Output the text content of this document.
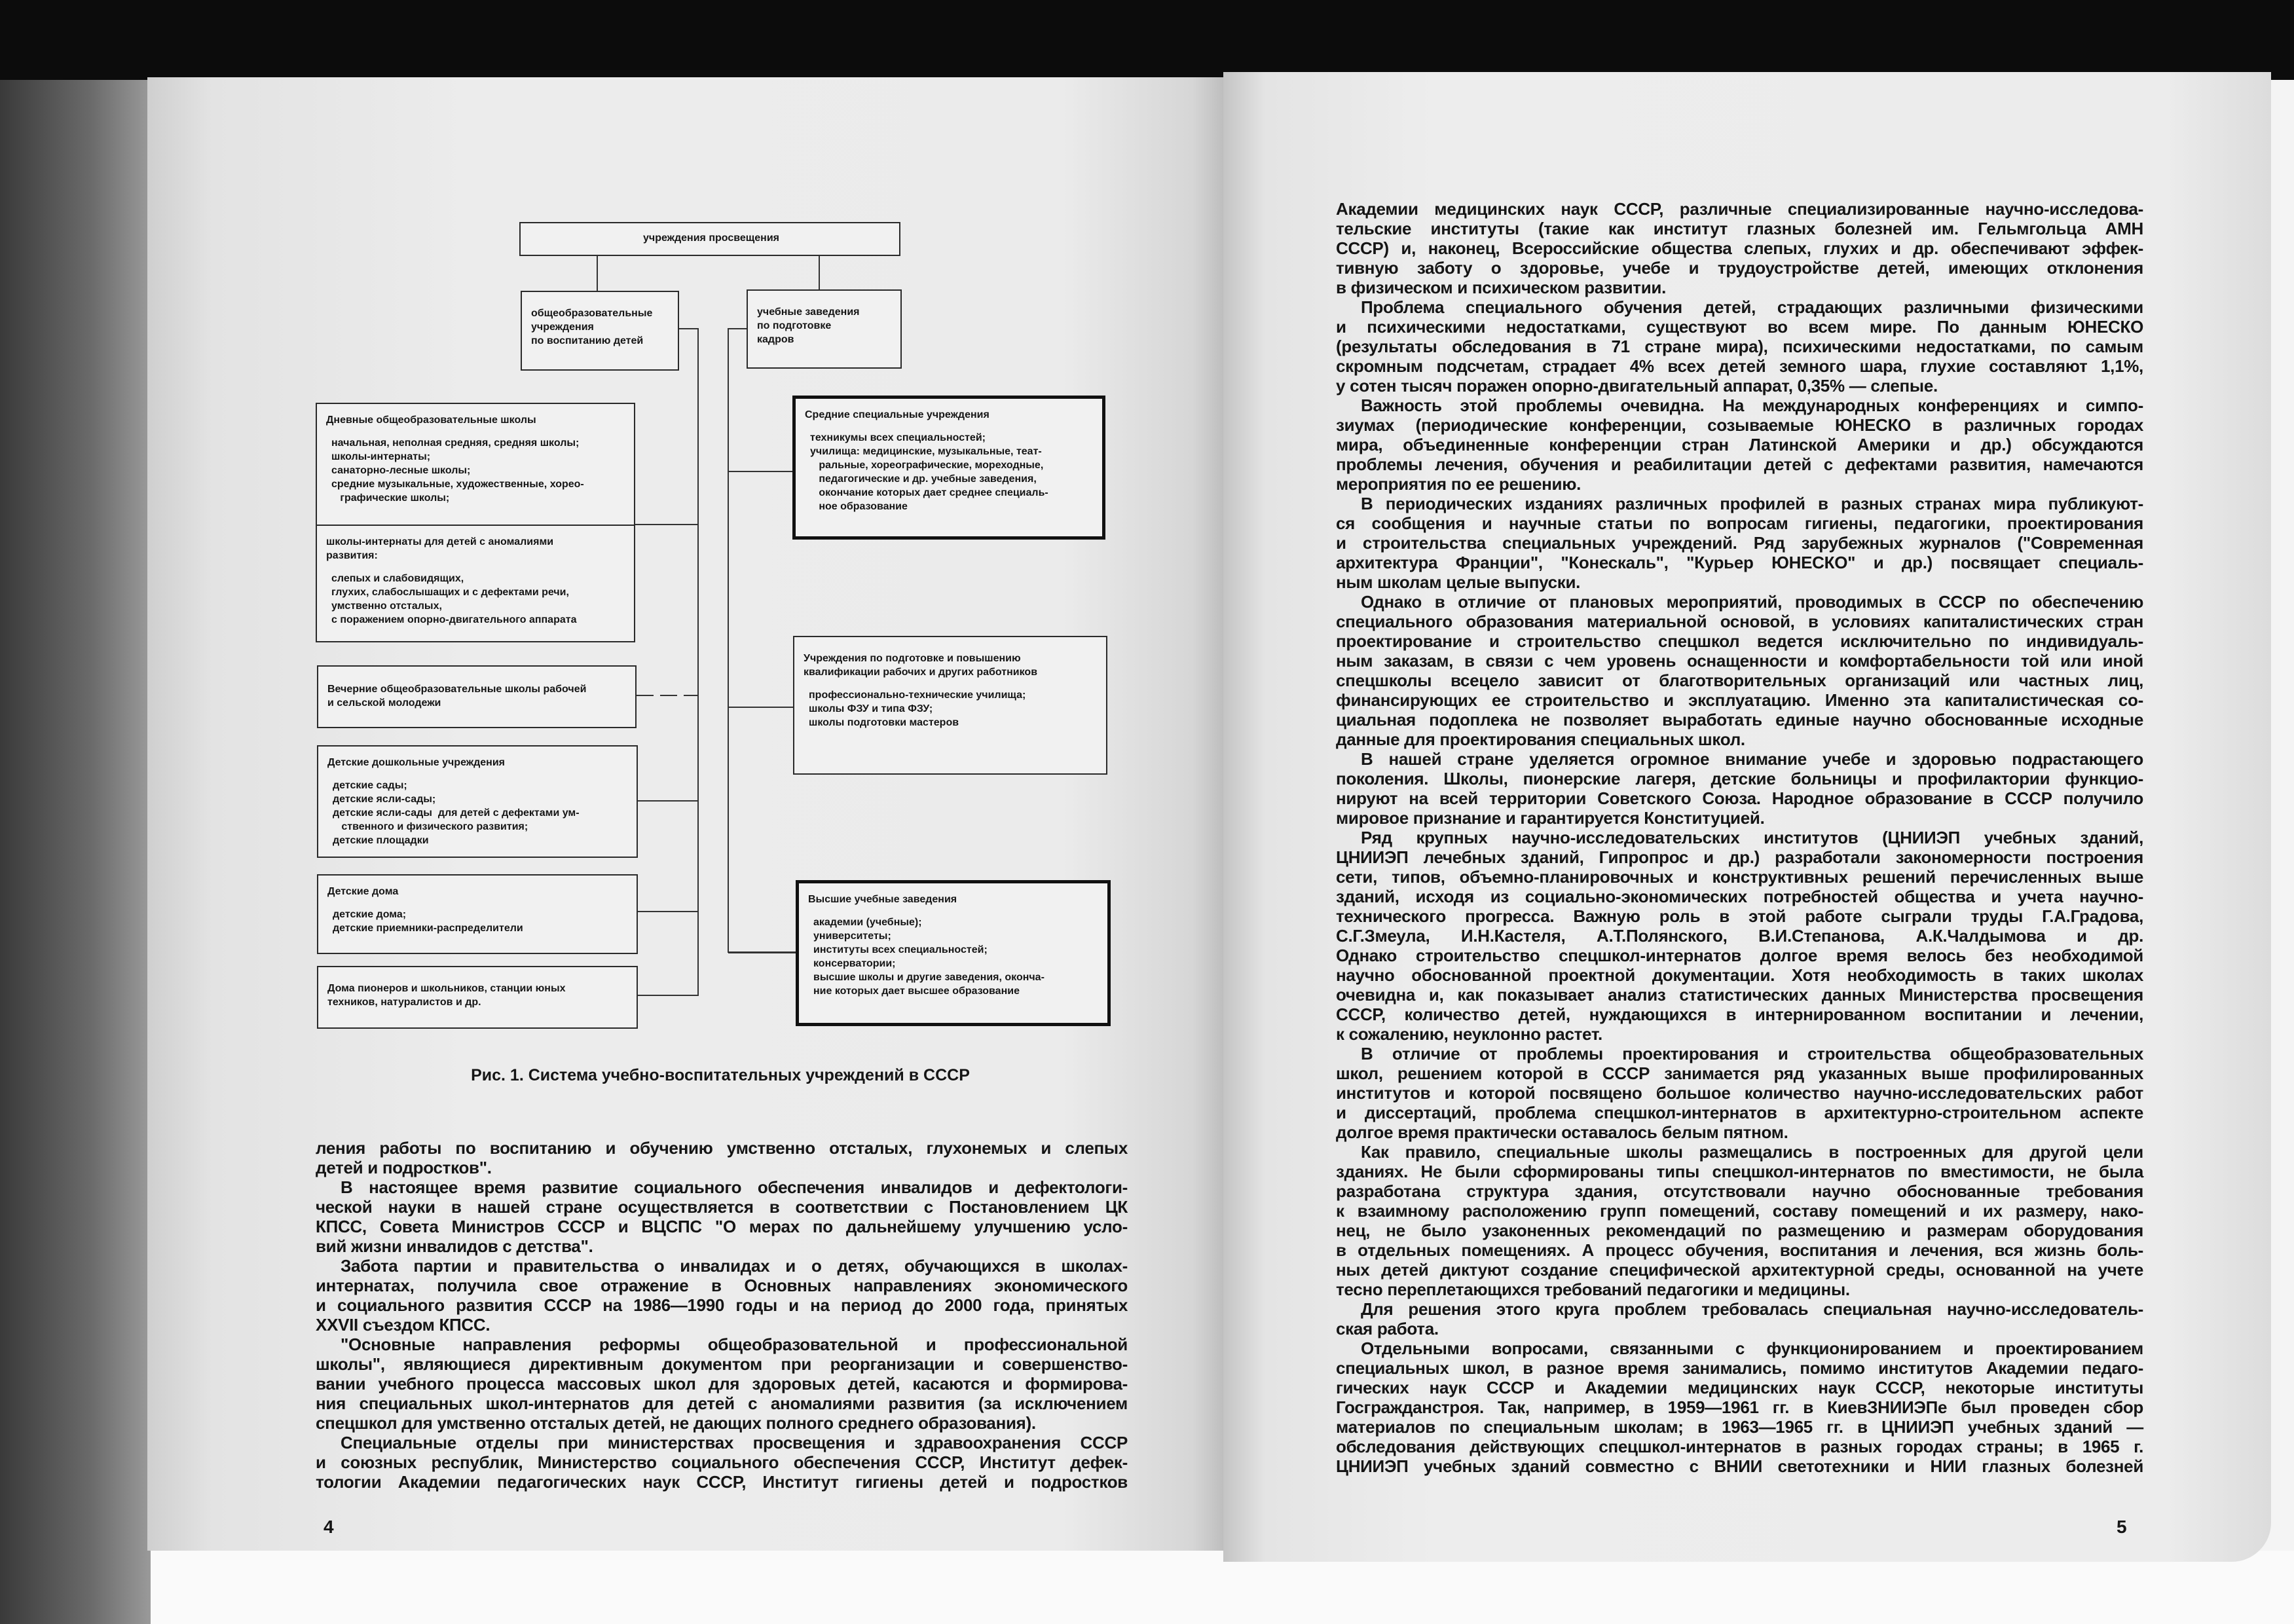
учреждения просвещения
общеобразовательные
учреждения
по воспитанию детей
учебные заведения
по подготовке
кадров
Дневные общеобразовательные школы
начальная, неполная средняя, средняя школы;
школы-интернаты;
санаторно-лесные школы;
средние музыкальные, художественные, хорео-
графические школы;
школы-интернаты для детей с аномалиями
развития:
слепых и слабовидящих,
глухих, слабослышащих и с дефектами речи,
умственно отсталых,
с поражением опорно-двигательного аппарата
Вечерние общеобразовательные школы рабочей
и сельской молодежи
Детские дошкольные учреждения
детские сады;
детские ясли-сады;
детские ясли-сады  для детей с дефектами ум-
ственного и физического развития;
детские площадки
Детские дома
детские дома;
детские приемники-распределители
Дома пионеров и школьников, станции юных
техников, натуралистов и др.
Средние специальные учреждения
техникумы всех специальностей;
училища: медицинские, музыкальные, теат-
ральные, хореографические, мореходные,
педагогические и др. учебные заведения,
окончание которых дает среднее специаль-
ное образование
Учреждения по подготовке и повышению
квалификации рабочих и других работников
профессионально-технические училища;
школы ФЗУ и типа ФЗУ;
школы подготовки мастеров
Высшие учебные заведения
академии (учебные);
университеты;
институты всех специальностей;
консерватории;
высшие школы и другие заведения, оконча-
ние которых дает высшее образование
Рис. 1. Система учебно-воспитательных учреждений в СССР
ления работы по воспитанию и обучению умственно отсталых, глухонемых и слепых
детей и подростков".
В настоящее время развитие социального обеспечения инвалидов и дефектологи-
ческой науки в нашей стране осуществляется в соответствии с Постановлением ЦК
КПСС, Совета Министров СССР и ВЦСПС "О мерах по дальнейшему улучшению усло-
вий жизни инвалидов с детства".
Забота партии и правительства о инвалидах и о детях, обучающихся в школах-
интернатах, получила свое отражение в Основных направлениях экономического
и социального развития СССР на 1986—1990 годы и на период до 2000 года, принятых
XXVII съездом КПСС.
"Основные направления реформы общеобразовательной и профессиональной
школы", являющиеся директивным документом при реорганизации и совершенство-
вании учебного процесса массовых школ для здоровых детей, касаются и формирова-
ния специальных школ-интернатов для детей с аномалиями развития (за исключением
спецшкол для умственно отсталых детей, не дающих полного среднего образования).
Специальные отделы при министерствах просвещения и здравоохранения СССР
и союзных республик, Министерство социального обеспечения СССР, Институт дефек-
тологии Академии педагогических наук СССР, Институт гигиены детей и подростков
Академии медицинских наук СССР, различные специализированные научно-исследова-
тельские институты (такие как институт глазных болезней им. Гельмгольца АМН
СССР) и, наконец, Всероссийские общества слепых, глухих и др. обеспечивают эффек-
тивную заботу о здоровье, учебе и трудоустройстве детей, имеющих отклонения
в физическом и психическом развитии.
Проблема специального обучения детей, страдающих различными физическими
и психическими недостатками, существуют во всем мире. По данным ЮНЕСКО
(результаты обследования в 71 стране мира), психическими недостатками, по самым
скромным подсчетам, страдает 4% всех детей земного шара, глухие составляют 1,1%,
у сотен тысяч поражен опорно-двигательный аппарат, 0,35% — слепые.
Важность этой проблемы очевидна. На международных конференциях и симпо-
зиумах (периодические конференции, созываемые ЮНЕСКО в различных городах
мира, объединенные конференции стран Латинской Америки и др.) обсуждаются
проблемы лечения, обучения и реабилитации детей с дефектами развития, намечаются
мероприятия по ее решению.
В периодических изданиях различных профилей в разных странах мира публикуют-
ся сообщения и научные статьи по вопросам гигиены, педагогики, проектирования
и строительства специальных учреждений. Ряд зарубежных журналов ("Современная
архитектура Франции", "Конескаль", "Курьер ЮНЕСКО" и др.) посвящает специаль-
ным школам целые выпуски.
Однако в отличие от плановых мероприятий, проводимых в СССР по обеспечению
специального образования материальной основой, в условиях капиталистических стран
проектирование и строительство спецшкол ведется исключительно по индивидуаль-
ным заказам, в связи с чем уровень оснащенности и комфортабельности той или иной
спецшколы всецело зависит от благотворительных организаций или частных лиц,
финансирующих ее строительство и эксплуатацию. Именно эта капиталистическая со-
циальная подоплека не позволяет выработать единые научно обоснованные исходные
данные для проектирования специальных школ.
В нашей стране уделяется огромное внимание учебе и здоровью подрастающего
поколения. Школы, пионерские лагеря, детские больницы и профилактории функцио-
нируют на всей территории Советского Союза. Народное образование в СССР получило
мировое признание и гарантируется Конституцией.
Ряд крупных научно-исследовательских институтов (ЦНИИЭП учебных зданий,
ЦНИИЭП лечебных зданий, Гипропрос и др.) разработали закономерности построения
сети, типов, объемно-планировочных и конструктивных решений перечисленных выше
зданий, исходя из социально-экономических потребностей общества и учета научно-
технического прогресса. Важную роль в этой работе сыграли труды Г.А.Градова,
С.Г.Змеула, И.Н.Кастеля, А.Т.Полянского, В.И.Степанова, А.К.Чалдымова и др.
Однако строительство спецшкол-интернатов долгое время велось без необходимой
научно обоснованной проектной документации. Хотя необходимость в таких школах
очевидна и, как показывает анализ статистических данных Министерства просвещения
СССР, количество детей, нуждающихся в интернированном воспитании и лечении,
к сожалению, неуклонно растет.
В отличие от проблемы проектирования и строительства общеобразовательных
школ, решением которой в СССР занимается ряд указанных выше профилированных
институтов и которой посвящено большое количество научно-исследовательских работ
и диссертаций, проблема спецшкол-интернатов в архитектурно-строительном аспекте
долгое время практически оставалось белым пятном.
Как правило, специальные школы размещались в построенных для другой цели
зданиях. Не были сформированы типы спецшкол-интернатов по вместимости, не была
разработана структура здания, отсутствовали научно обоснованные требования
к взаимному расположению групп помещений, составу помещений и их размеру, нако-
нец, не было узаконенных рекомендаций по размещению и размерам оборудования
в отдельных помещениях. А процесс обучения, воспитания и лечения, вся жизнь боль-
ных детей диктуют создание специфической архитектурной среды, основанной на учете
тесно переплетающихся требований педагогики и медицины.
Для решения этого круга проблем требовалась специальная научно-исследователь-
ская работа.
Отдельными вопросами, связанными с функционированием и проектированием
специальных школ, в разное время занимались, помимо институтов Академии педаго-
гических наук СССР и Академии медицинских наук СССР, некоторые институты
Госгражданстроя. Так, например, в 1959—1961 гг. в КиевЗНИИЭПе был проведен сбор
материалов по специальным школам; в 1963—1965 гг. в ЦНИИЭП учебных зданий —
обследования действующих спецшкол-интернатов в разных городах страны; в 1965 г.
ЦНИИЭП учебных зданий совместно с ВНИИ светотехники и НИИ глазных болезней
4	5
